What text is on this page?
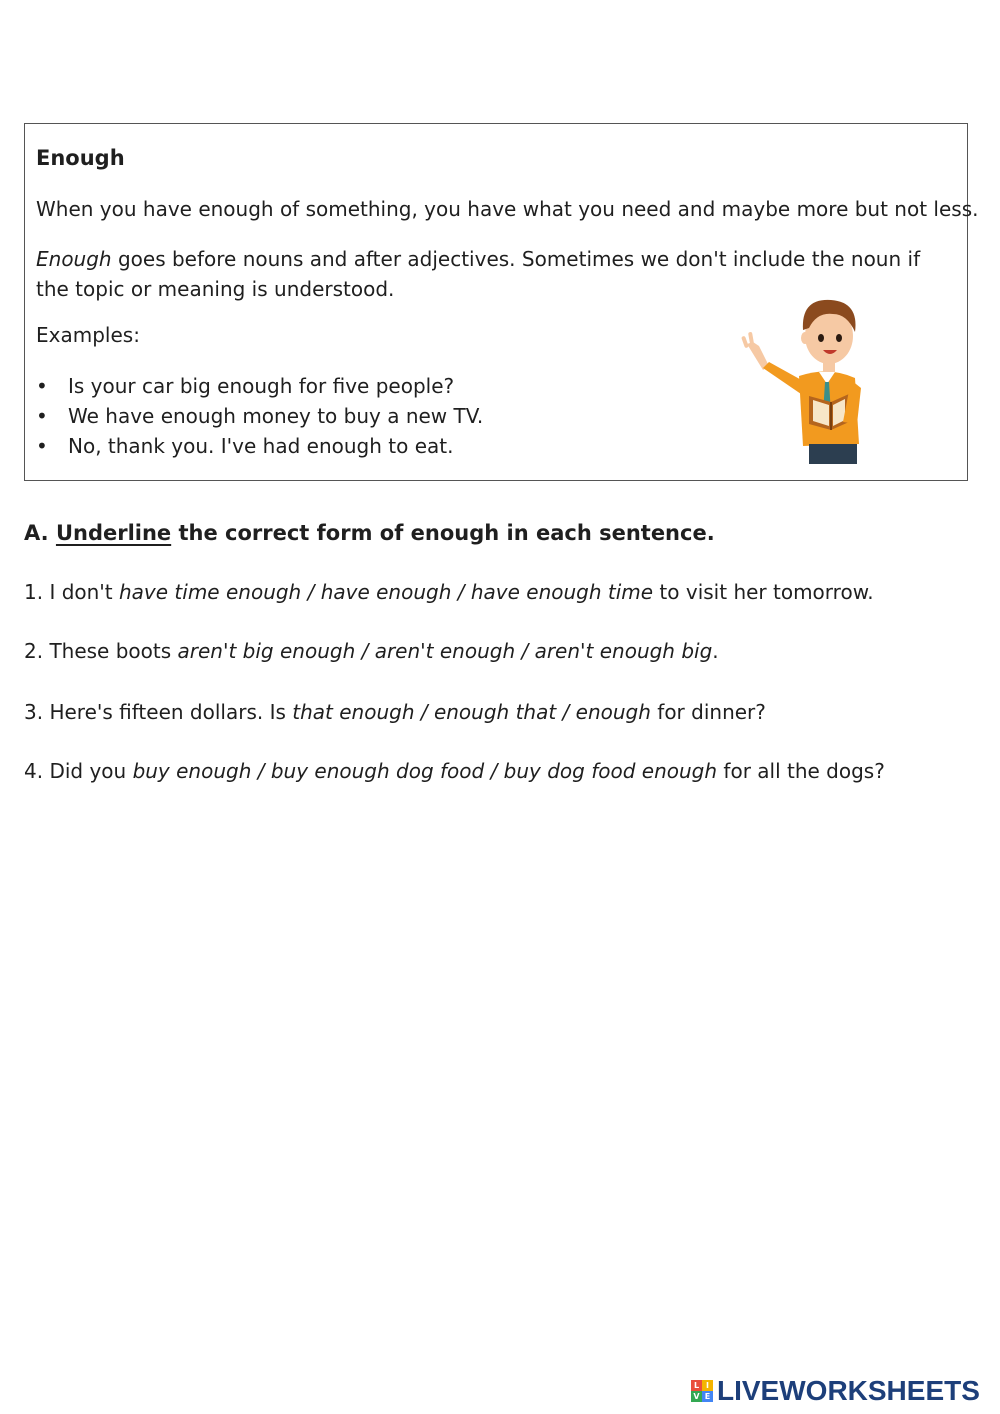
Enough
When you have enough of something, you have what you need and maybe more but not less.
Enough goes before nouns and after adjectives. Sometimes we don't include the noun if the topic or meaning is understood.
Examples:
• Is your car big enough for five people?
• We have enough money to buy a new TV.
• No, thank you. I've had enough to eat.
A. Underline the correct form of enough in each sentence.
1. I don't have time enough / have enough / have enough time to visit her tomorrow.
2. These boots aren't big enough / aren't enough / aren't enough big.
3. Here's fifteen dollars. Is that enough / enough that / enough for dinner?
4. Did you buy enough / buy enough dog food / buy dog food enough for all the dogs?
L I
V E LIVEWORKSHEETS
